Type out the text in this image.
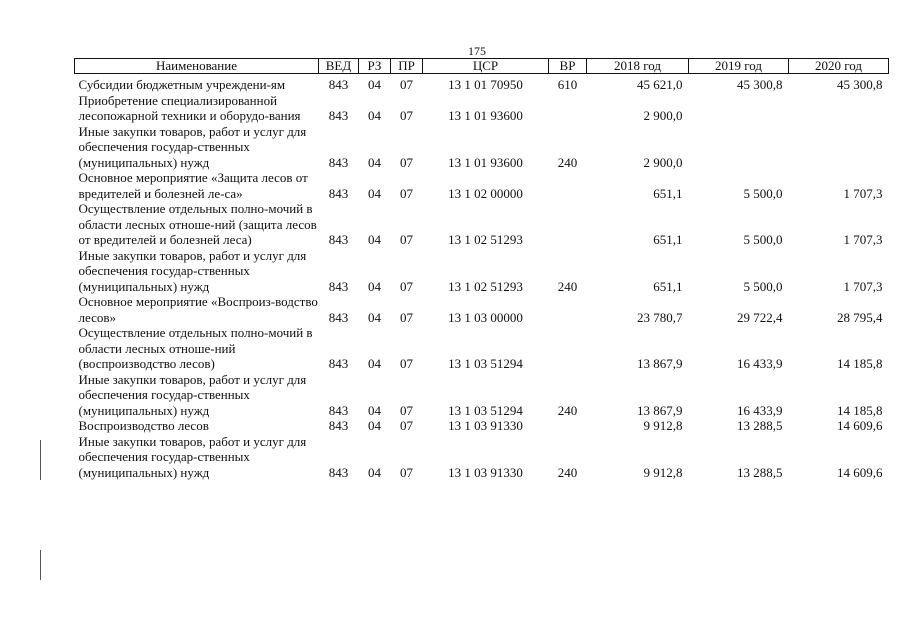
175
Наименование	ВЕД	РЗ	ПР	ЦСР	ВР	2018 год	2019 год	2020 год

Субсидии бюджетным учреждени-ям	843	04	07	13 1 01 70950	610	45 621,0	45 300,8	45 300,8
Приобретение специализированной лесопожарной техники и оборудо-вания	843	04	07	13 1 01 93600		2 900,0		
Иные закупки товаров, работ и услуг для обеспечения государ-ственных (муниципальных) нужд	843	04	07	13 1 01 93600	240	2 900,0		
Основное мероприятие «Защита лесов от вредителей и болезней ле-са»	843	04	07	13 1 02 00000		651,1	5 500,0	1 707,3
Осуществление отдельных полно-мочий в области лесных отноше-ний (защита лесов от вредителей и болезней леса)	843	04	07	13 1 02 51293		651,1	5 500,0	1 707,3
Иные закупки товаров, работ и услуг для обеспечения государ-ственных (муниципальных) нужд	843	04	07	13 1 02 51293	240	651,1	5 500,0	1 707,3
Основное мероприятие «Воспроиз-водство лесов»	843	04	07	13 1 03 00000		23 780,7	29 722,4	28 795,4
Осуществление отдельных полно-мочий в области лесных отноше-ний (воспроизводство лесов)	843	04	07	13 1 03 51294		13 867,9	16 433,9	14 185,8
Иные закупки товаров, работ и услуг для обеспечения государ-ственных (муниципальных) нужд	843	04	07	13 1 03 51294	240	13 867,9	16 433,9	14 185,8
Воспроизводство лесов	843	04	07	13 1 03 91330		9 912,8	13 288,5	14 609,6
Иные закупки товаров, работ и услуг для обеспечения государ-ственных (муниципальных) нужд	843	04	07	13 1 03 91330	240	9 912,8	13 288,5	14 609,6
